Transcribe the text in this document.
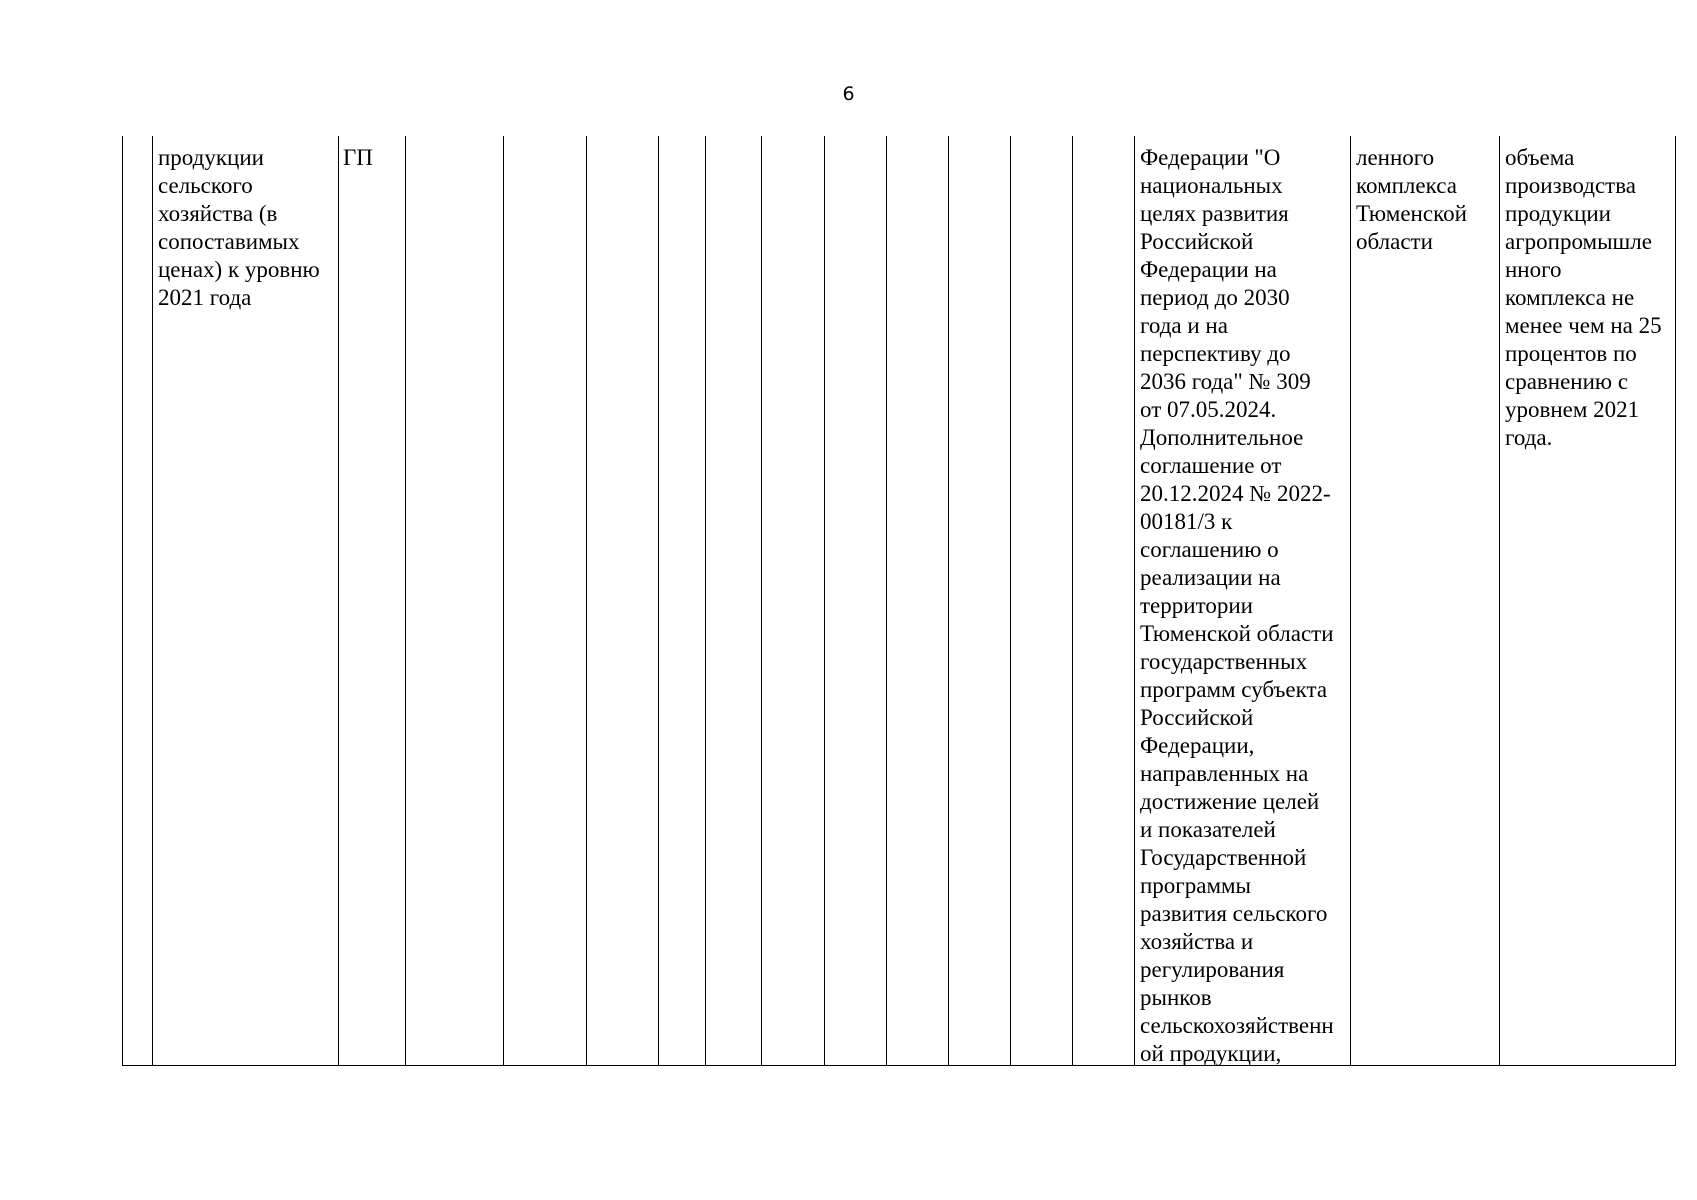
6
продукции
сельского
хозяйства (в
сопоставимых
ценах) к уровню
2021 года
ГП	Федерации "О
национальных
целях развития
Российской
Федерации на
период до 2030
года и на
перспективу до
2036 года" № 309
от 07.05.2024.
Дополнительное
соглашение от
20.12.2024 № 2022-
00181/3 к
соглашению о
реализации на
территории
Тюменской области
государственных
программ субъекта
Российской
Федерации,
направленных на
достижение целей
и показателей
Государственной
программы
развития сельского
хозяйства и
регулирования
рынков
сельскохозяйственн
ой продукции,
ленного
комплекса
Тюменской
области
объема
производства
продукции
агропромышле
нного
комплекса не
менее чем на 25
процентов по
сравнению с
уровнем 2021
года.
